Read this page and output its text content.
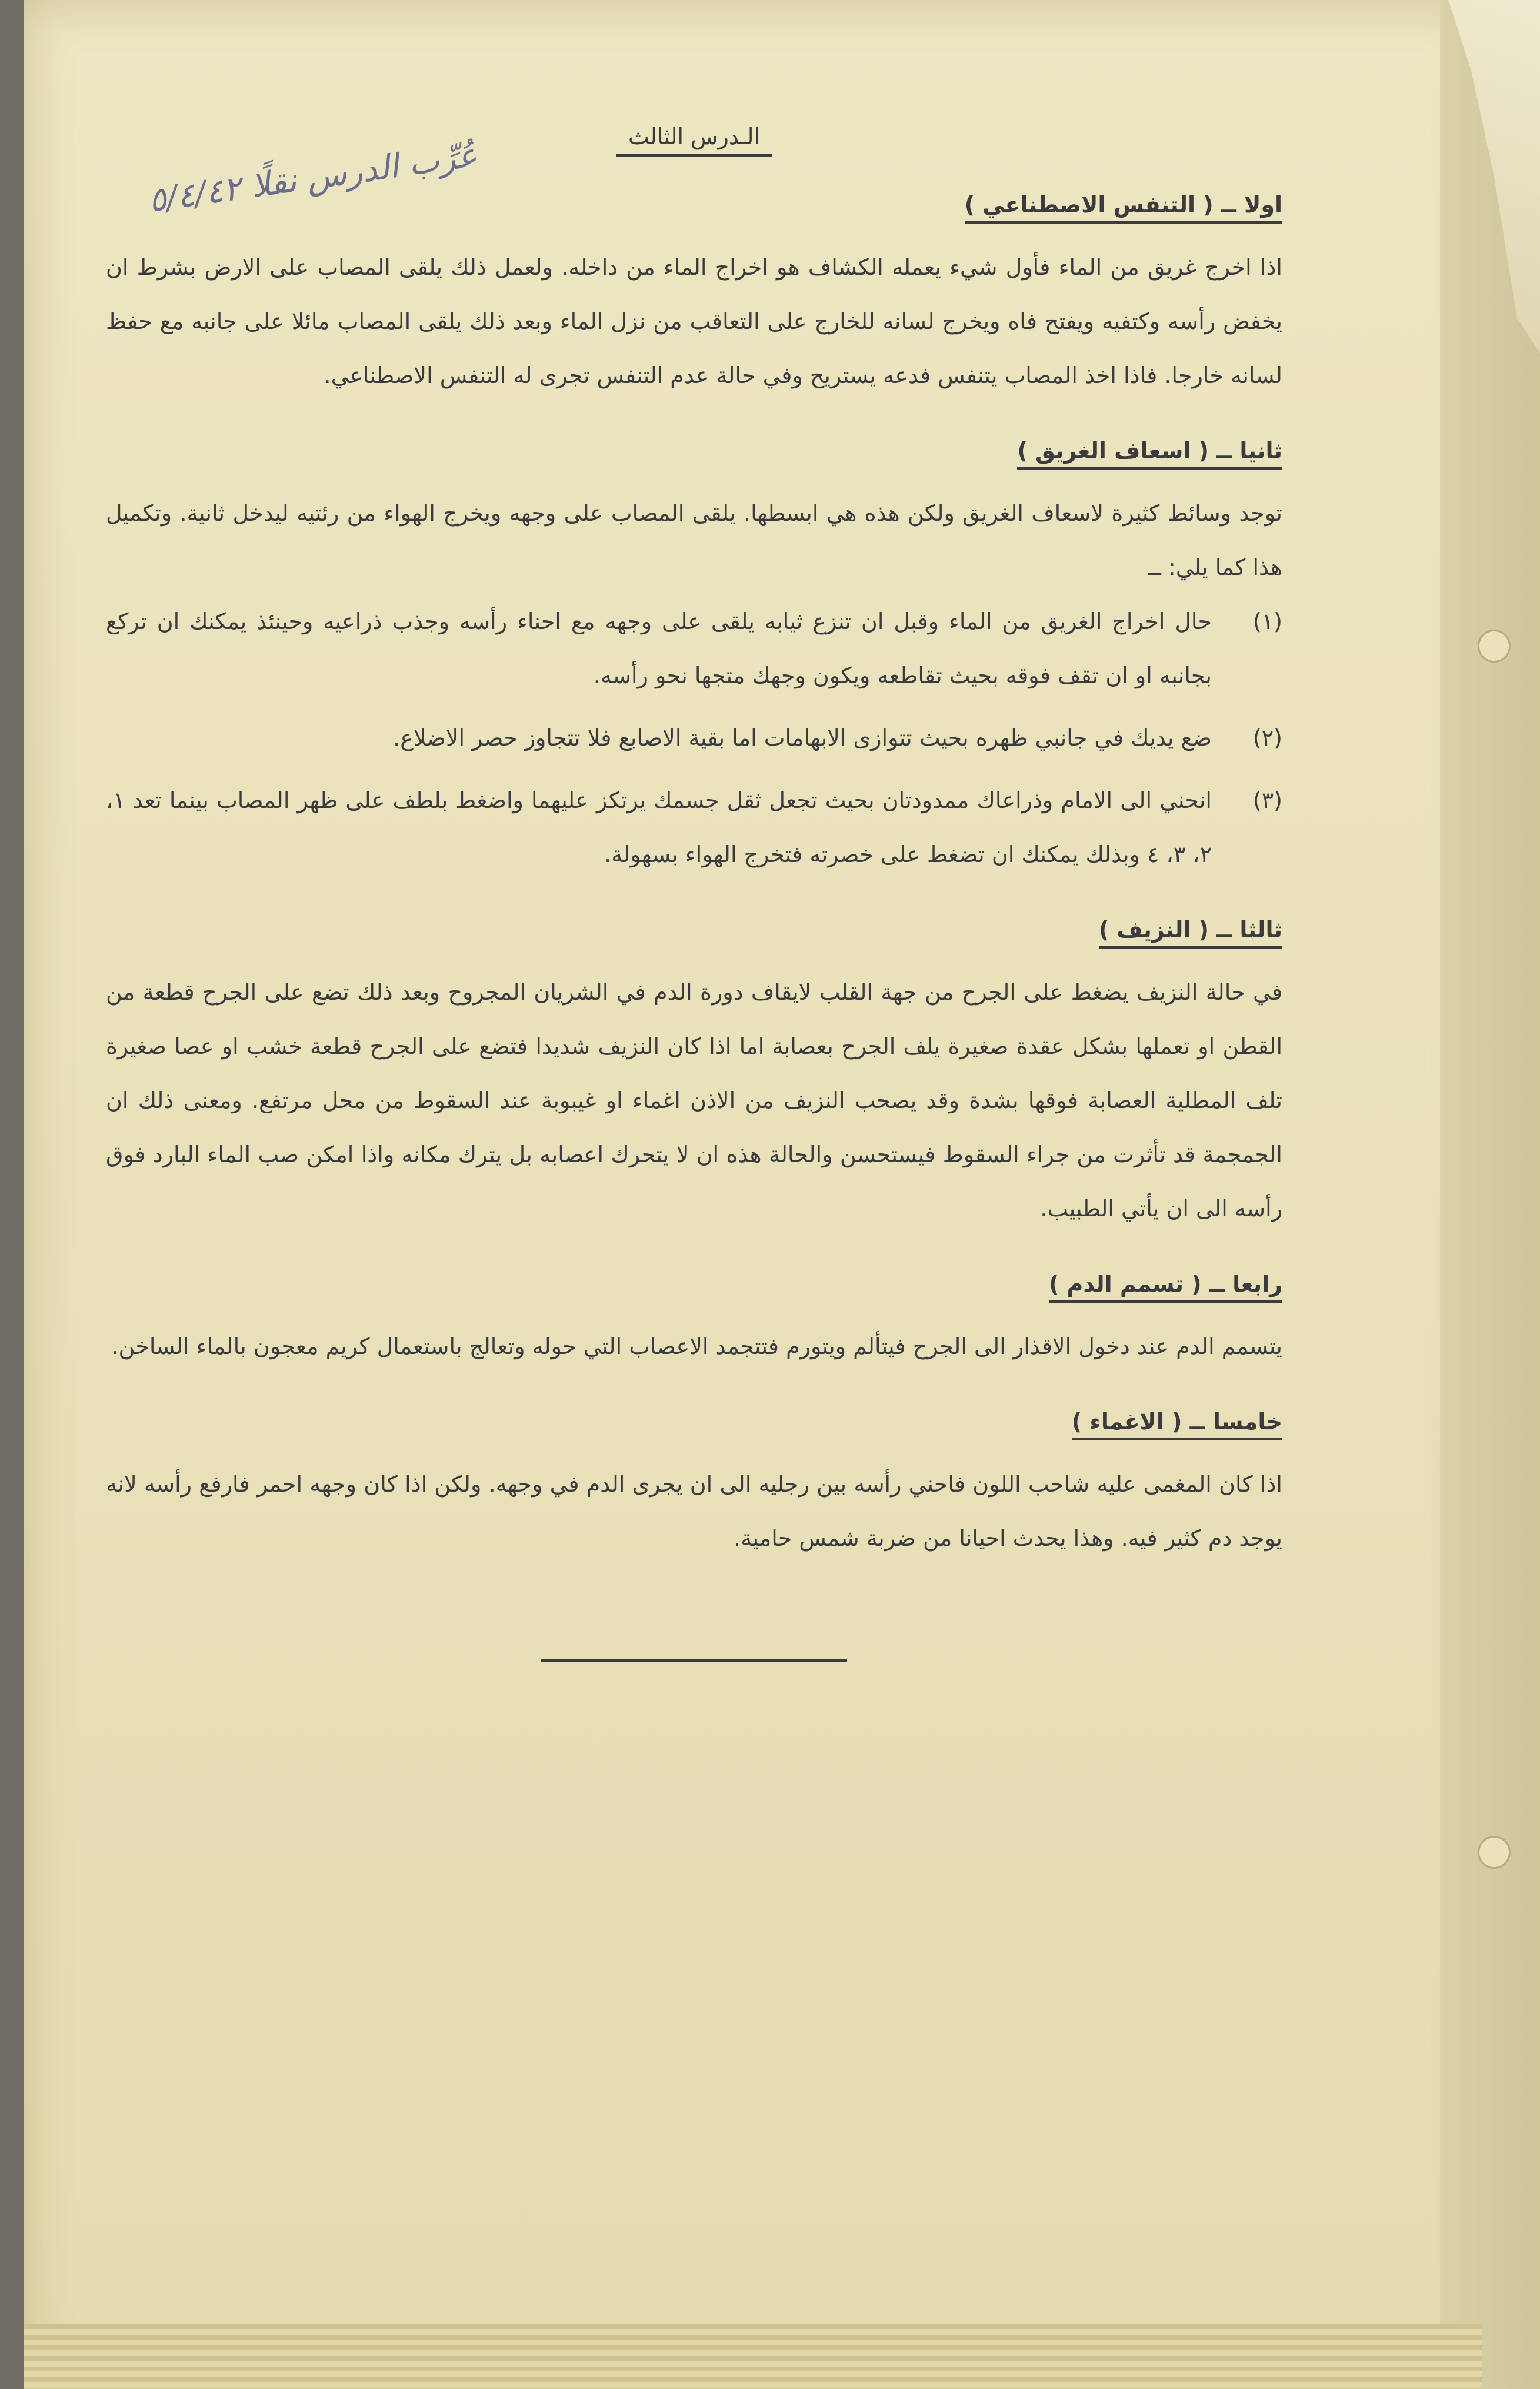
عُرِّب الدرس نقلًا ٥/٤/٤٢	الـدرس الثالث
اولا ــ ( التنفس الاصطناعي )
اذا اخرج غريق من الماء فأول شيء يعمله الكشاف هو اخراج الماء من داخله. ولعمل ذلك يلقى المصاب على الارض بشرط ان يخفض رأسه وكتفيه ويفتح فاه ويخرج لسانه للخارج على التعاقب من نزل الماء وبعد ذلك يلقى المصاب مائلا على جانبه مع حفظ لسانه خارجا. فاذا اخذ المصاب يتنفس فدعه يستريح وفي حالة عدم التنفس تجرى له التنفس الاصطناعي.
ثانيا ــ ( اسعاف الغريق )
توجد وسائط كثيرة لاسعاف الغريق ولكن هذه هي ابسطها. يلقى المصاب على وجهه ويخرج الهواء من رئتيه ليدخل ثانية. وتكميل هذا كما يلي: ــ
(١)
حال اخراج الغريق من الماء وقبل ان تنزع ثيابه يلقى على وجهه مع احناء رأسه وجذب ذراعيه وحينئذ يمكنك ان تركع بجانبه او ان تقف فوقه بحيث تقاطعه ويكون وجهك متجها نحو رأسه.
(٢)
ضع يديك في جانبي ظهره بحيث تتوازى الابهامات اما بقية الاصابع فلا تتجاوز حصر الاضلاع.
(٣)
انحني الى الامام وذراعاك ممدودتان بحيث تجعل ثقل جسمك يرتكز عليهما واضغط بلطف على ظهر المصاب بينما تعد ١، ٢، ٣، ٤ وبذلك يمكنك ان تضغط على خصرته فتخرج الهواء بسهولة.
ثالثا ــ ( النزيف )
في حالة النزيف يضغط على الجرح من جهة القلب لايقاف دورة الدم في الشريان المجروح وبعد ذلك تضع على الجرح قطعة من القطن او تعملها بشكل عقدة صغيرة يلف الجرح بعصابة اما اذا كان النزيف شديدا فتضع على الجرح قطعة خشب او عصا صغيرة تلف المطلية العصابة فوقها بشدة وقد يصحب النزيف من الاذن اغماء او غيبوبة عند السقوط من محل مرتفع. ومعنى ذلك ان الجمجمة قد تأثرت من جراء السقوط فيستحسن والحالة هذه ان لا يتحرك اعصابه بل يترك مكانه واذا امكن صب الماء البارد فوق رأسه الى ان يأتي الطبيب.
رابعا ــ ( تسمم الدم )
يتسمم الدم عند دخول الاقذار الى الجرح فيتألم ويتورم فتتجمد الاعصاب التي حوله وتعالج باستعمال كريم معجون بالماء الساخن.
خامسا ــ ( الاغماء )
اذا كان المغمى عليه شاحب اللون فاحني رأسه بين رجليه الى ان يجرى الدم في وجهه. ولكن اذا كان وجهه احمر فارفع رأسه لانه يوجد دم كثير فيه. وهذا يحدث احيانا من ضربة شمس حامية.
